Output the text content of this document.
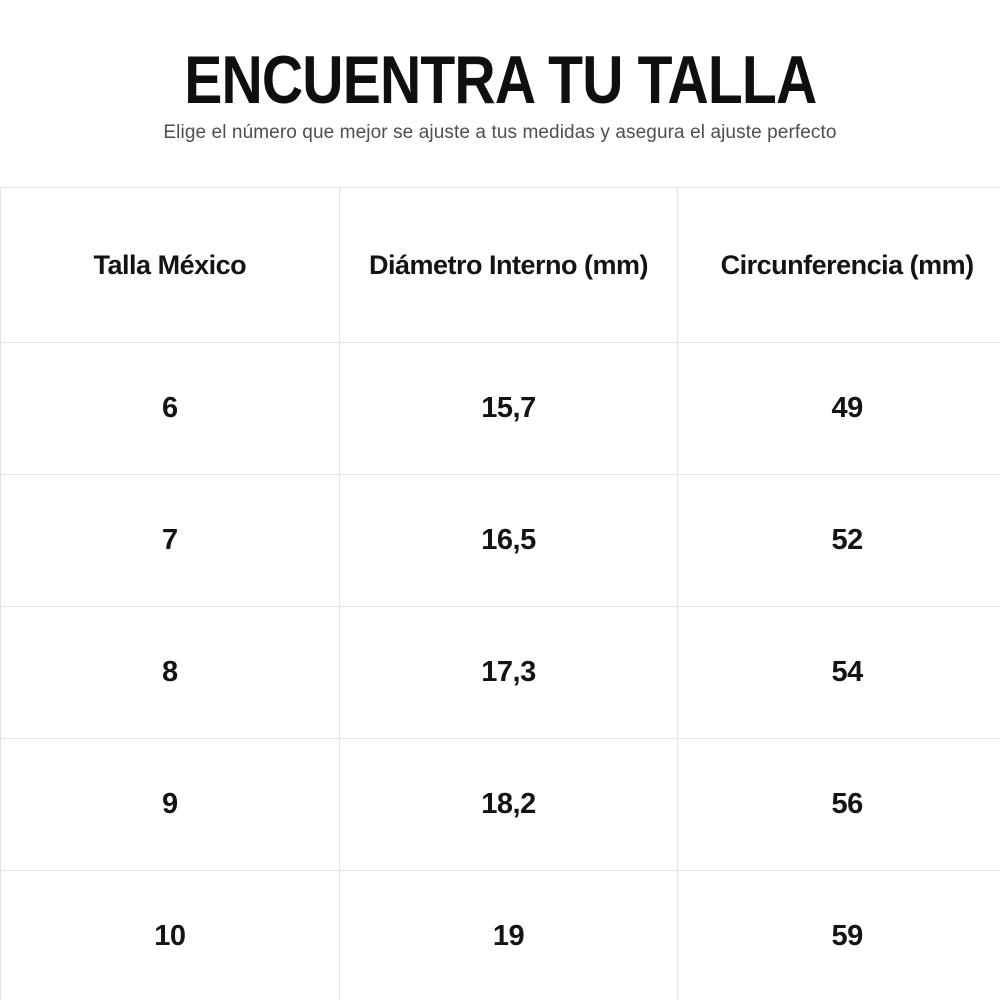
ENCUENTRA TU TALLA

Elige el número que mejor se ajuste a tus medidas y asegura el ajuste perfecto

Talla México	Diámetro Interno (mm)	Circunferencia (mm)
6	15,7	49
7	16,5	52
8	17,3	54
9	18,2	56
10	19	59
